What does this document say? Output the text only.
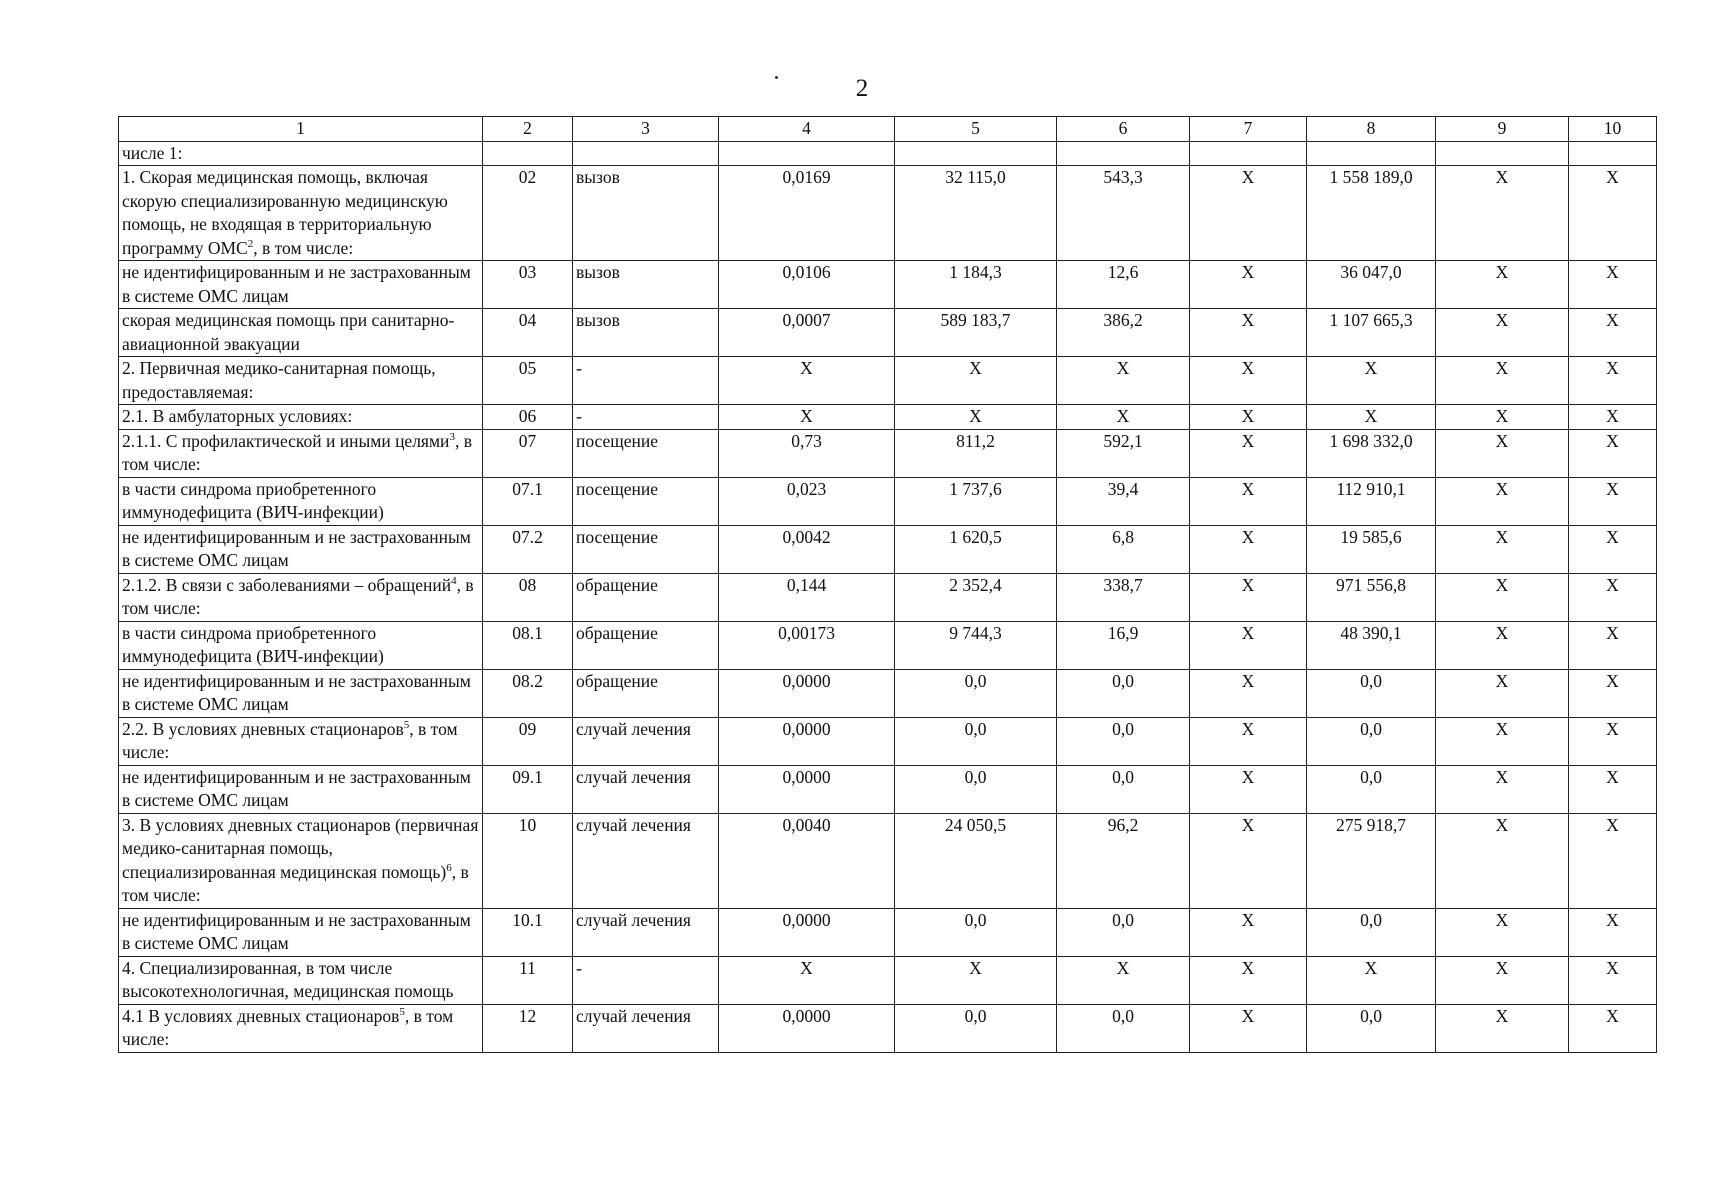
2
1	2	3	4	5	6	7	8	9	10
числе 1:									
1. Скорая медицинская помощь, включая скорую специализированную медицинскую помощь, не входящая в территориальную программу ОМС$^2$, в том числе:	02	вызов	0,0169	32 115,0	543,3	X	1 558 189,0	X	X
не идентифицированным и не застрахованным в системе ОМС лицам	03	вызов	0,0106	1 184,3	12,6	X	36 047,0	X	X
скорая медицинская помощь при санитарно-авиационной эвакуации	04	вызов	0,0007	589 183,7	386,2	X	1 107 665,3	X	X
2. Первичная медико-санитарная помощь, предоставляемая:	05	-	X	X	X	X	X	X	X
2.1. В амбулаторных условиях:	06	-	X	X	X	X	X	X	X
2.1.1. С профилактической и иными целями$^3$, в том числе:	07	посещение	0,73	811,2	592,1	X	1 698 332,0	X	X
в части синдрома приобретенного иммунодефицита (ВИЧ-инфекции)	07.1	посещение	0,023	1 737,6	39,4	X	112 910,1	X	X
не идентифицированным и не застрахованным в системе ОМС лицам	07.2	посещение	0,0042	1 620,5	6,8	X	19 585,6	X	X
2.1.2. В связи с заболеваниями – обращений$^4$, в том числе:	08	обращение	0,144	2 352,4	338,7	X	971 556,8	X	X
в части синдрома приобретенного иммунодефицита (ВИЧ-инфекции)	08.1	обращение	0,00173	9 744,3	16,9	X	48 390,1	X	X
не идентифицированным и не застрахованным в системе ОМС лицам	08.2	обращение	0,0000	0,0	0,0	X	0,0	X	X
2.2. В условиях дневных стационаров$^5$, в том числе:	09	случай лечения	0,0000	0,0	0,0	X	0,0	X	X
не идентифицированным и не застрахованным в системе ОМС лицам	09.1	случай лечения	0,0000	0,0	0,0	X	0,0	X	X
3. В условиях дневных стационаров (первичная медико-санитарная помощь, специализированная медицинская помощь)$^6$, в том числе:	10	случай лечения	0,0040	24 050,5	96,2	X	275 918,7	X	X
не идентифицированным и не застрахованным в системе ОМС лицам	10.1	случай лечения	0,0000	0,0	0,0	X	0,0	X	X
4. Специализированная, в том числе высокотехнологичная, медицинская помощь	11	-	X	X	X	X	X	X	X
4.1 В условиях дневных стационаров$^5$, в том числе:	12	случай лечения	0,0000	0,0	0,0	X	0,0	X	X
